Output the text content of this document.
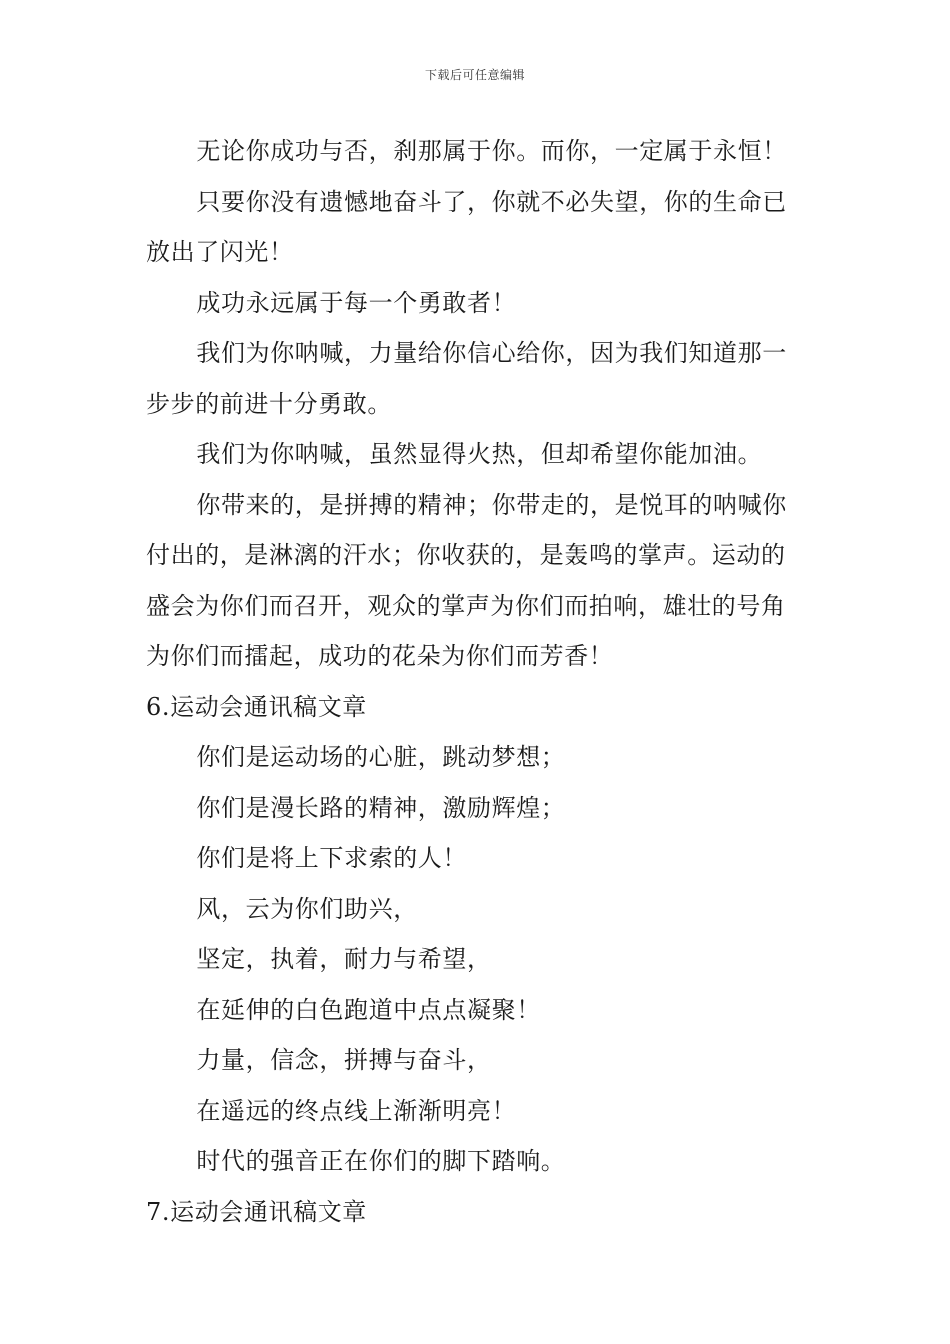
下载后可任意编辑

无论你成功与否，刹那属于你。而你，一定属于永恒！

只要你没有遗憾地奋斗了，你就不必失望，你的生命已放出了闪光！

成功永远属于每一个勇敢者！

我们为你呐喊，力量给你信心给你，因为我们知道那一步步的前进十分勇敢。

我们为你呐喊，虽然显得火热，但却希望你能加油。

你带来的，是拼搏的精神；你带走的，是悦耳的呐喊你付出的，是淋漓的汗水；你收获的，是轰鸣的掌声。运动的盛会为你们而召开，观众的掌声为你们而拍响，雄壮的号角为你们而擂起，成功的花朵为你们而芳香！

6.运动会通讯稿文章

你们是运动场的心脏，跳动梦想；

你们是漫长路的精神，激励辉煌；

你们是将上下求索的人！

风，云为你们助兴，

坚定，执着，耐力与希望，

在延伸的白色跑道中点点凝聚！

力量，信念，拼搏与奋斗，

在遥远的终点线上渐渐明亮！

时代的强音正在你们的脚下踏响。

7.运动会通讯稿文章
